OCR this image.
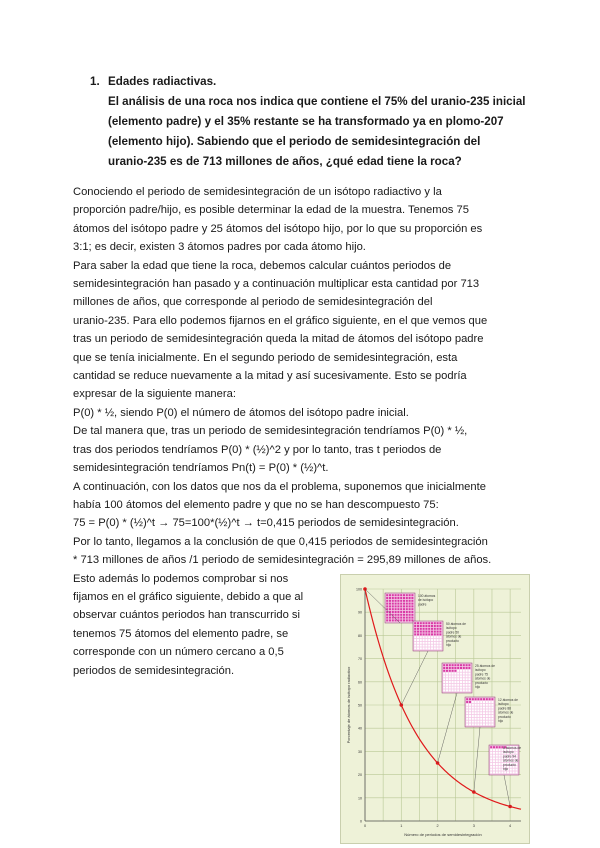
1. Edades radiactivas.
El análisis de una roca nos indica que contiene el 75% del uranio-235 inicial
(elemento padre) y el 35% restante se ha transformado ya en plomo-207
(elemento hijo). Sabiendo que el periodo de semidesintegración del
uranio-235 es de 713 millones de años, ¿qué edad tiene la roca?

Conociendo el periodo de semidesintegración de un isótopo radiactivo y la

proporción padre/hijo, es posible determinar la edad de la muestra. Tenemos 75

átomos del isótopo padre y 25 átomos del isótopo hijo, por lo que su proporción es

3:1; es decir, existen 3 átomos padres por cada átomo hijo.

Para saber la edad que tiene la roca, debemos calcular cuántos periodos de

semidesintegración han pasado y a continuación multiplicar esta cantidad por 713

millones de años, que corresponde al periodo de semidesintegración del

uranio-235. Para ello podemos fijarnos en el gráfico siguiente, en el que vemos que

tras un periodo de semidesintegración queda la mitad de átomos del isótopo padre

que se tenía inicialmente. En el segundo periodo de semidesintegración, esta

cantidad se reduce nuevamente a la mitad y así sucesivamente. Esto se podría

expresar de la siguiente manera:

P(0) * ½, siendo P(0) el número de átomos del isótopo padre inicial.

De tal manera que, tras un periodo de semidesintegración tendríamos P(0) * ½,

tras dos periodos tendríamos P(0) * (½)^2 y por lo tanto, tras t periodos de

semidesintegración tendríamos Pn(t) = P(0) * (½)^t.

A continuación, con los datos que nos da el problema, suponemos que inicialmente

había 100 átomos del elemento padre y que no se han descompuesto 75:

75 = P(0) * (½)^t → 75=100*(½)^t → t=0,415 periodos de semidesintegración.

Por lo tanto, llegamos a la conclusión de que 0,415 periodos de semidesintegración

* 713 millones de años /1 periodo de semidesintegración = 295,89 millones de años.

Esto además lo podemos comprobar si nos

fijamos en el gráfico siguiente, debido a que al

observar cuántos periodos han transcurrido si

tenemos 75 átomos del elemento padre, se

corresponde con un número cercano a 0,5

periodos de semidesintegración.

100
90
80
70
60
50
40
30
20
10
0
0	1	2	3	4
Número de periodos de semidesintegración
Porcentaje de átomos de isótopo radiactivo
100 átomos
de isótopo
padre
50 átomos de
isótopo
padre 50
átomos de
producto
hijo
25 átomos de
isótopo
padre 75
átomos de
producto
hijo
12 átomos de
isótopo
padre 88
átomos de
producto
hijo
6 átomos de
isótopo
padre 94
átomos de
producto
hijo
